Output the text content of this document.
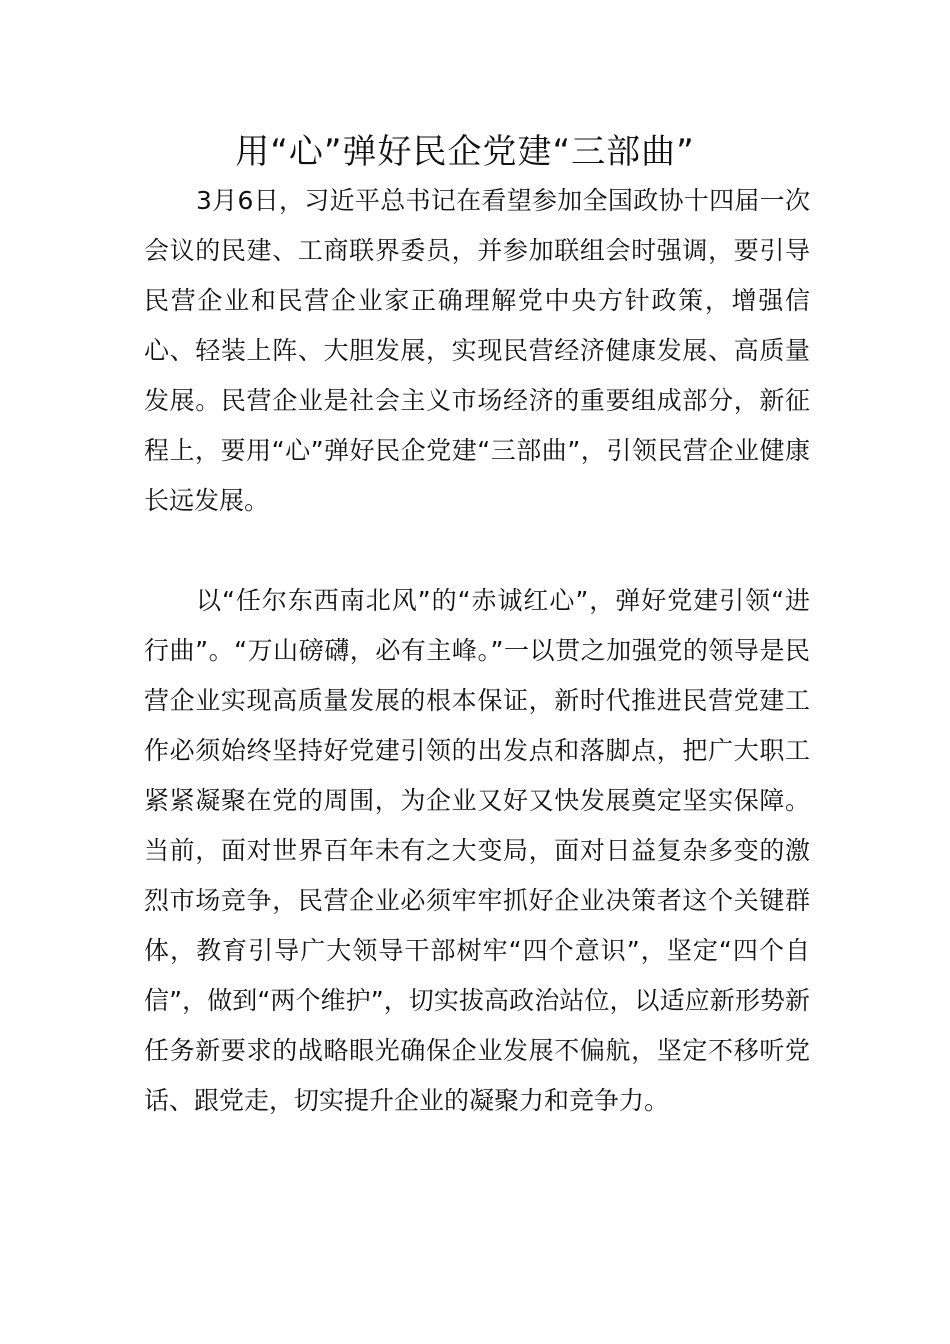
用“心”弹好民企党建“三部曲”

3月6日，习近平总书记在看望参加全国政协十四届一次会议的民建、工商联界委员，并参加联组会时强调，要引导民营企业和民营企业家正确理解党中央方针政策，增强信心、轻装上阵、大胆发展，实现民营经济健康发展、高质量发展。民营企业是社会主义市场经济的重要组成部分，新征程上，要用“心”弹好民企党建“三部曲”，引领民营企业健康长远发展。

以“任尔东西南北风”的“赤诚红心”，弹好党建引领“进行曲”。“万山磅礴，必有主峰。”一以贯之加强党的领导是民营企业实现高质量发展的根本保证，新时代推进民营党建工作必须始终坚持好党建引领的出发点和落脚点，把广大职工紧紧凝聚在党的周围，为企业又好又快发展奠定坚实保障。当前，面对世界百年未有之大变局，面对日益复杂多变的激烈市场竞争，民营企业必须牢牢抓好企业决策者这个关键群体，教育引导广大领导干部树牢“四个意识”，坚定“四个自信”，做到“两个维护”，切实拔高政治站位，以适应新形势新任务新要求的战略眼光确保企业发展不偏航，坚定不移听党话、跟党走，切实提升企业的凝聚力和竞争力。
